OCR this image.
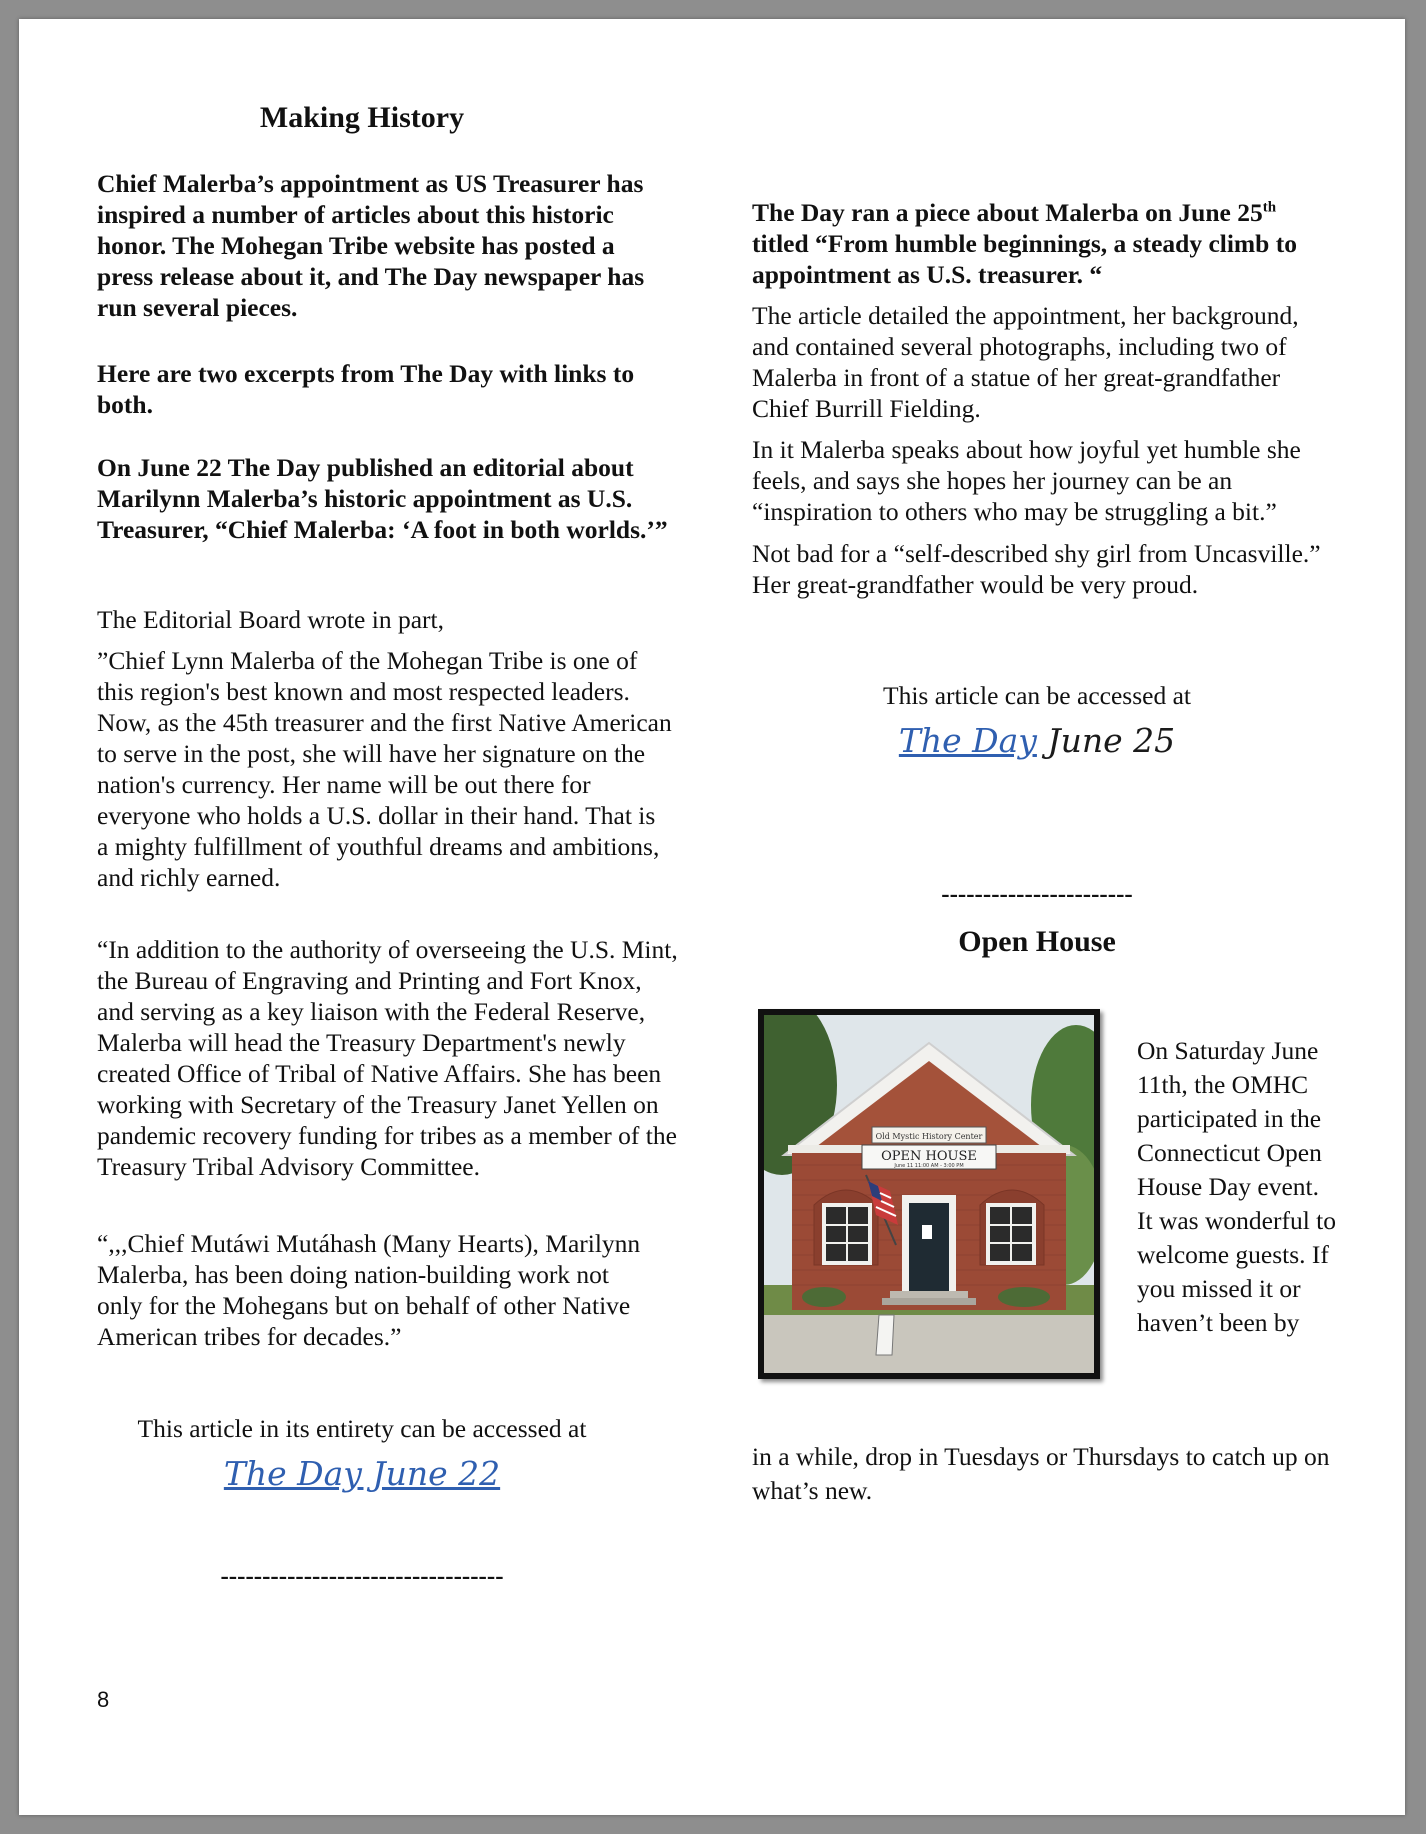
Making History

Chief Malerba’s appointment as US Treasurer has inspired a number of articles about this historic honor. The Mohegan Tribe website has posted a press release about it, and The Day newspaper has run several pieces.

Here are two excerpts from The Day with links to both.

On June 22 The Day published an editorial about Marilynn Malerba’s historic appointment as U.S. Treasurer, “Chief Malerba: ‘A foot in both worlds.’”

The Editorial Board wrote in part,

”Chief Lynn Malerba of the Mohegan Tribe is one of this region's best known and most respected leaders. Now, as the 45th treasurer and the first Native American to serve in the post, she will have her signature on the nation's currency. Her name will be out there for everyone who holds a U.S. dollar in their hand. That is a mighty fulfillment of youthful dreams and ambitions, and richly earned.

“In addition to the authority of overseeing the U.S. Mint, the Bureau of Engraving and Printing and Fort Knox, and serving as a key liaison with the Federal Reserve, Malerba will head the Treasury Department's newly created Office of Tribal of Native Affairs. She has been working with Secretary of the Treasury Janet Yellen on pandemic recovery funding for tribes as a member of the Treasury Tribal Advisory Committee.

“,,,Chief Mutáwi Mutáhash (Many Hearts), Marilynn Malerba, has been doing nation-building work not only for the Mohegans but on behalf of other Native American tribes for decades.”

This article in its entirety can be accessed at

The Day June 22
----------------------------------

The Day ran a piece about Malerba on June 25th titled “From humble beginnings, a steady climb to appointment as U.S. treasurer. “

The article detailed the appointment, her background, and contained several photographs, including two of Malerba in front of a statue of her great-grandfather Chief Burrill Fielding.

In it Malerba speaks about how joyful yet humble she feels, and says she hopes her journey can be an “inspiration to others who may be struggling a bit.”

Not bad for a “self-described shy girl from Uncasville.” Her great-grandfather would be very proud.

This article can be accessed at

The Day June 25
-----------------------
Open House
Old Mystic History Center
OPEN HOUSE
June 11 11:00 AM - 3:00 PM

On Saturday June 11th, the OMHC participated in the Connecticut Open House Day event. It was wonderful to welcome guests. If you missed it or haven’t been by

in a while, drop in Tuesdays or Thursdays to catch up on what’s new.

8
